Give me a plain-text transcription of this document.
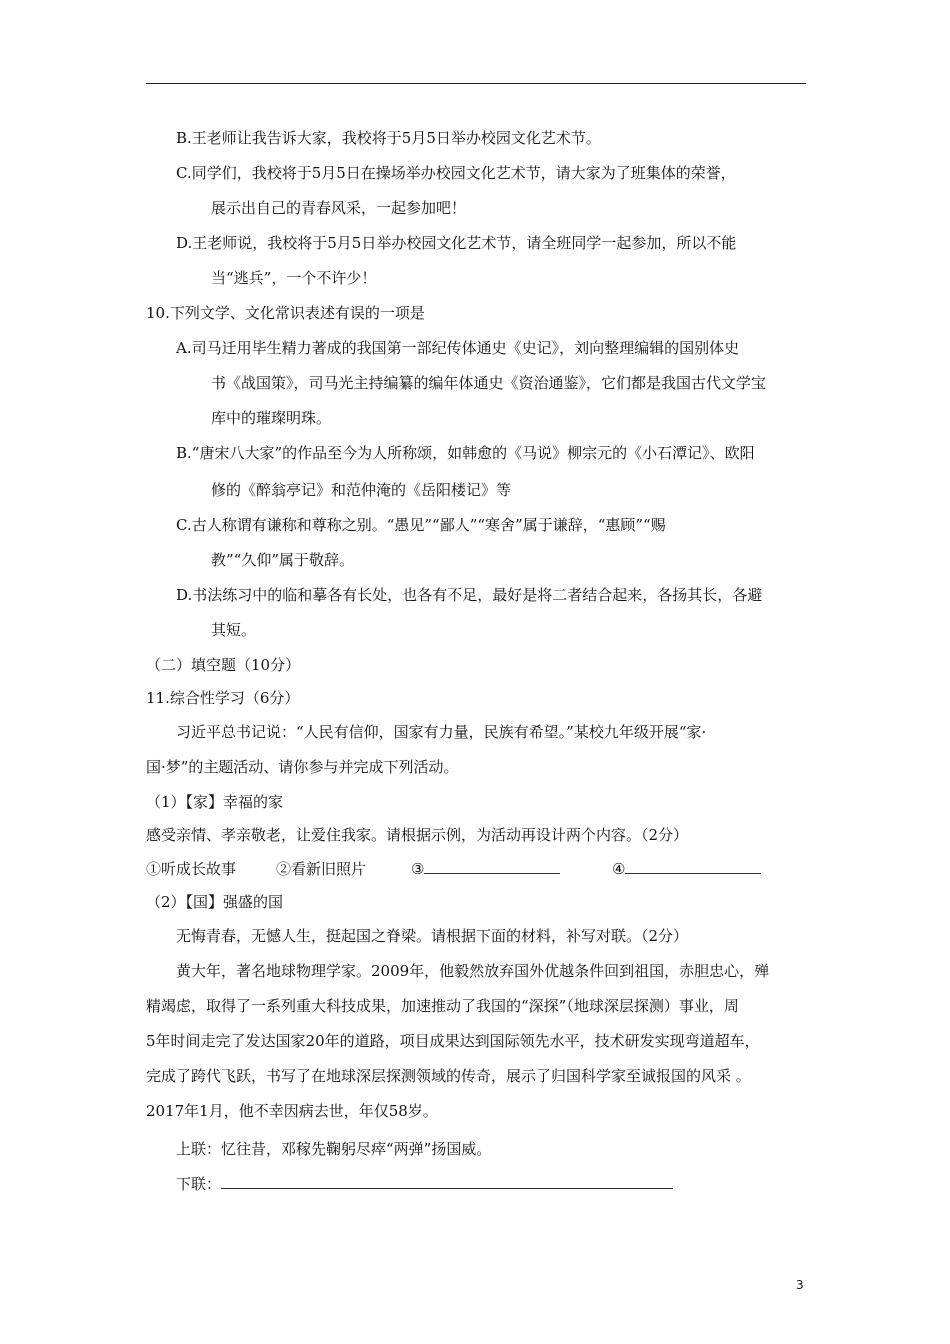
B.王老师让我告诉大家，我校将于5月5日举办校园文化艺术节。
C.同学们，我校将于5月5日在操场举办校园文化艺术节，请大家为了班集体的荣誉，
展示出自己的青春风采，一起参加吧！
D.王老师说，我校将于5月5日举办校园文化艺术节，请全班同学一起参加，所以不能
当“逃兵”，一个不许少！
10.下列文学、文化常识表述有误的一项是
A.司马迁用毕生精力著成的我国第一部纪传体通史《史记》，刘向整理编辑的国别体史
书《战国策》，司马光主持编纂的编年体通史《资治通鉴》，它们都是我国古代文学宝
库中的璀璨明珠。
B.“唐宋八大家”的作品至今为人所称颂，如韩愈的《马说》柳宗元的《小石潭记》、欧阳
修的《醉翁亭记》和范仲淹的《岳阳楼记》等
C.古人称谓有谦称和尊称之别。“愚见”“鄙人”“寒舍”属于谦辞，“惠顾”“赐
教”“久仰”属于敬辞。
D.书法练习中的临和摹各有长处，也各有不足，最好是将二者结合起来，各扬其长，各避
其短。
（二）填空题（10分）
11.综合性学习（6分）
习近平总书记说：“人民有信仰，国家有力量，民族有希望。”某校九年级开展“家·
国·梦”的主题活动、请你参与并完成下列活动。
（1）【家】幸福的家
感受亲情、孝亲敬老，让爱住我家。请根据示例，为活动再设计两个内容。（2分）
①听成长故事	②看新旧照片	③	④
（2）【国】强盛的国
无悔青春，无憾人生，挺起国之脊梁。请根据下面的材料，补写对联。（2分）
黄大年，著名地球物理学家。2009年，他毅然放弃国外优越条件回到祖国，赤胆忠心，殚
精竭虑，取得了一系列重大科技成果，加速推动了我国的“深探”（地球深层探测）事业，周
5年时间走完了发达国家20年的道路，项目成果达到国际领先水平，技术研发实现弯道超车，
完成了跨代飞跃，书写了在地球深层探测领域的传奇，展示了归国科学家至诚报国的风采 。
2017年1月，他不幸因病去世，年仅58岁。
上联：忆往昔，邓稼先鞠躬尽瘁“两弹”扬国威。
下联：
3
